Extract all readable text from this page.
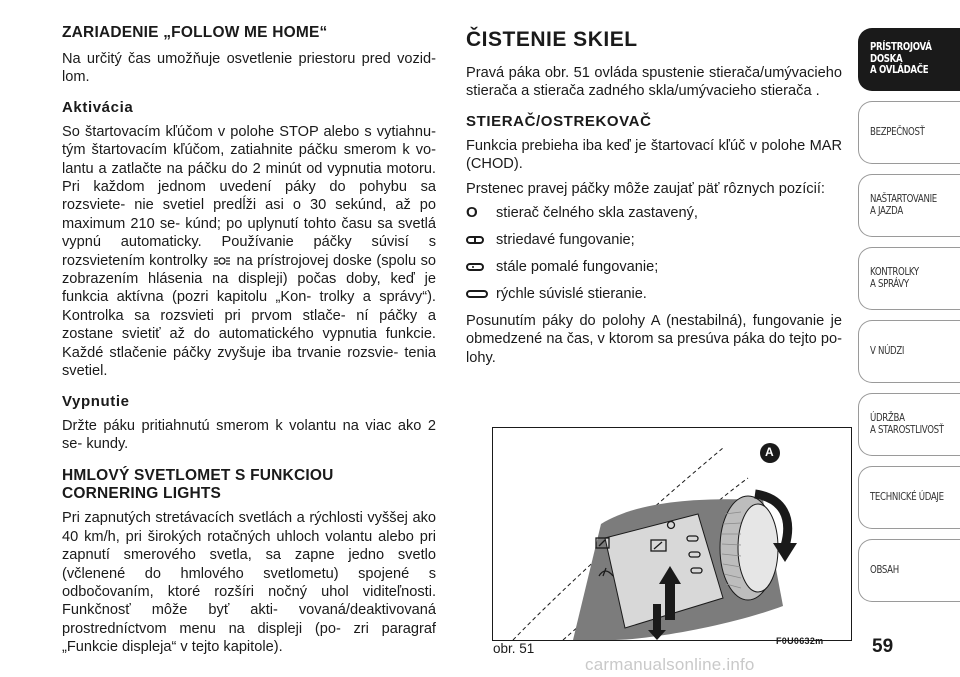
ZARIADENIE „FOLLOW ME HOME“

Na určitý čas umožňuje osvetlenie priestoru pred vozid- lom.

Aktivácia

So štartovacím kľúčom v polohe STOP alebo s vytiahnu- tým štartovacím kľúčom, zatiahnite páčku smerom k vo- lantu a zatlačte na páčku do 2 minút od vypnutia motoru. Pri každom jednom uvedení páky do pohybu sa rozsviete- nie svetiel predĺži asi o 30 sekúnd, až po maximum 210 se- kúnd; po uplynutí tohto času sa svetlá vypnú automaticky. Používanie páčky súvisí s rozsvietením kontrolky na prístrojovej doske (spolu so zobrazením hlásenia na displeji) počas doby, keď je funkcia aktívna (pozri kapitolu „Kon- trolky a správy“). Kontrolka sa rozsvieti pri prvom stlače- ní páčky a zostane svietiť až do automatického vypnutia funkcie. Každé stlačenie páčky zvyšuje iba trvanie rozsvie- tenia svetiel.

Vypnutie

Držte páku pritiahnutú smerom k volantu na viac ako 2 se- kundy.

HMLOVÝ SVETLOMET S FUNKCIOU
CORNERING LIGHTS

Pri zapnutých stretávacích svetlách a rýchlosti vyššej ako 40 km/h, pri širokých rotačných uhloch volantu alebo pri zapnutí smerového svetla, sa zapne jedno svetlo (včlenené do hmlového svetlometu) spojené s odbočovaním, ktoré rozšíri nočný uhol viditeľnosti. Funkčnosť môže byť akti- vovaná/deaktivovaná prostredníctvom menu na displeji (po- zri paragraf „Funkcie displeja“ v tejto kapitole).

ČISTENIE SKIEL

Pravá páka obr. 51 ovláda spustenie stierača/umývacieho stierača a stierača zadného skla/umývacieho stierača .

STIERAČ/OSTREKOVAČ

Funkcia prebieha iba keď je štartovací kľúč v polohe MAR (CHOD).

Prstenec pravej páčky môže zaujať päť rôznych pozícií:

O stierač čelného skla zastavený,
striedavé fungovanie;
stále pomalé fungovanie;
rýchle súvislé stieranie.

Posunutím páky do polohy A (nestabilná), fungovanie je obmedzené na čas, v ktorom sa presúva páka do tejto po- lohy.

A
obr. 51	F0U0632m
PRÍSTROJOVÁ
DOSKA
A OVLÁDAČE
BEZPEČNOSŤ
NAŠTARTOVANIE
A JAZDA
KONTROLKY
A SPRÁVY
V NÚDZI
ÚDRŽBA
A STAROSTLIVOSŤ
TECHNICKÉ ÚDAJE
OBSAH
59
carmanualsonline.info
